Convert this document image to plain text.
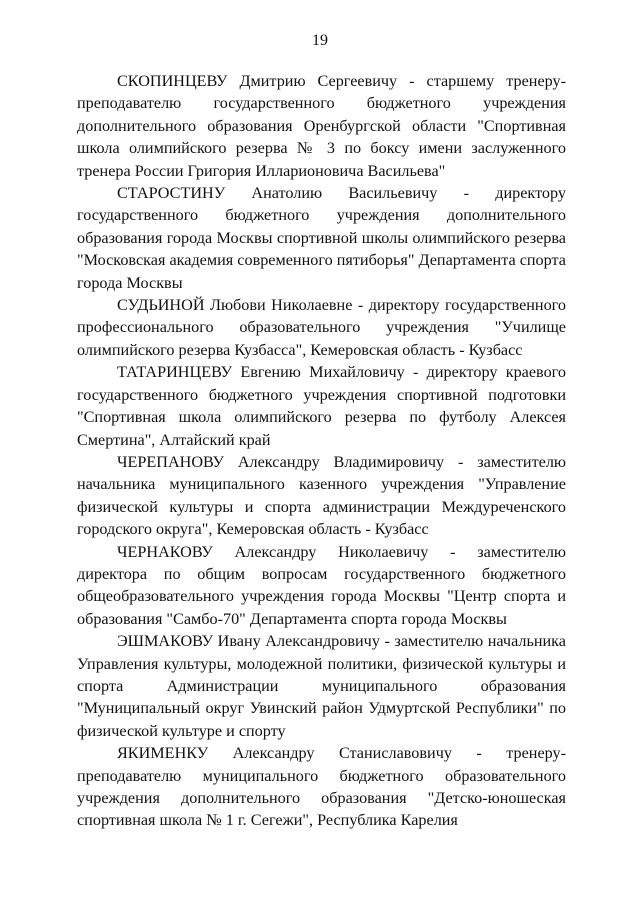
19

СКОПИНЦЕВУ Дмитрию Сергеевичу - старшему тренеру-преподавателю государственного бюджетного учреждения дополнительного образования Оренбургской области "Спортивная школа олимпийского резерва № 3 по боксу имени заслуженного тренера России Григория Илларионовича Васильева"

СТАРОСТИНУ Анатолию Васильевичу - директору государственного бюджетного учреждения дополнительного образования города Москвы спортивной школы олимпийского резерва "Московская академия современного пятиборья" Департамента спорта города Москвы

СУДЬИНОЙ Любови Николаевне - директору государственного профессионального образовательного учреждения "Училище олимпийского резерва Кузбасса", Кемеровская область - Кузбасс

ТАТАРИНЦЕВУ Евгению Михайловичу - директору краевого государственного бюджетного учреждения спортивной подготовки "Спортивная школа олимпийского резерва по футболу Алексея Смертина", Алтайский край

ЧЕРЕПАНОВУ Александру Владимировичу - заместителю начальника муниципального казенного учреждения "Управление физической культуры и спорта администрации Междуреченского городского округа", Кемеровская область - Кузбасс

ЧЕРНАКОВУ Александру Николаевичу - заместителю директора по общим вопросам государственного бюджетного общеобразовательного учреждения города Москвы "Центр спорта и образования "Самбо-70" Департамента спорта города Москвы

ЭШМАКОВУ Ивану Александровичу - заместителю начальника Управления культуры, молодежной политики, физической культуры и спорта Администрации муниципального образования "Муниципальный округ Увинский район Удмуртской Республики" по физической культуре и спорту

ЯКИМЕНКУ Александру Станиславовичу - тренеру-преподавателю муниципального бюджетного образовательного учреждения дополнительного образования "Детско-юношеская спортивная школа № 1 г. Сегежи", Республика Карелия
